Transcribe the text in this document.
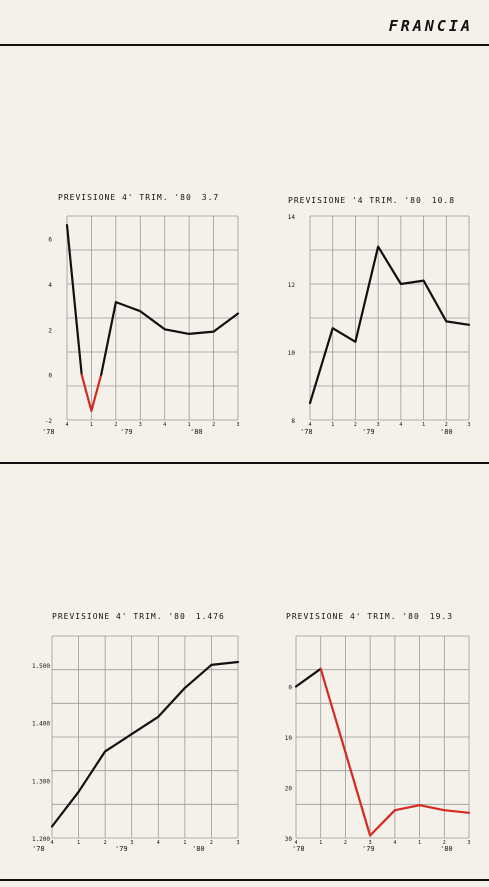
FRANCIA
PREVISIONE 4' TRIM. '80 3.7
6
4
2
0
-2	4	1	2	3	4	1	2	3
'78	'79	'80
PREVISIONE '4 TRIM. '80 10.8
14
12
10
8	4	1	2	3	4	1	2	3
'78	'79	'80
PREVISIONE 4' TRIM. '80 1.476
1.500
1.400
1.300
1.200 4	1	2	3	4	1	2	3
'78	'79	'80
PREVISIONE 4' TRIM. '80 19.3
0
10
20
30 4	1	2	3	4	1	2	3
'78	'79	'80
